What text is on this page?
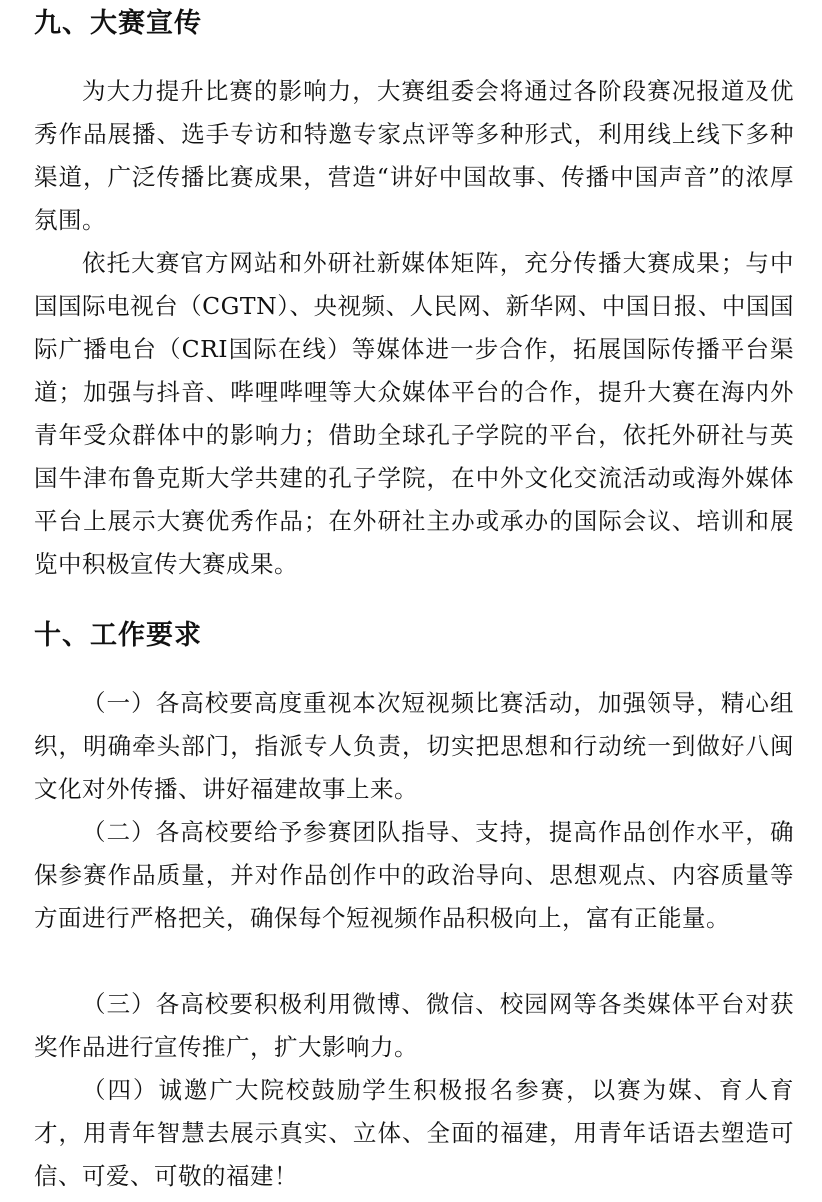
九、大赛宣传

为大力提升比赛的影响力，大赛组委会将通过各阶段赛况报道及优秀作品展播、选手专访和特邀专家点评等多种形式，利用线上线下多种渠道，广泛传播比赛成果，营造“讲好中国故事、传播中国声音”的浓厚氛围。

依托大赛官方网站和外研社新媒体矩阵，充分传播大赛成果；与中国国际电视台（CGTN）、央视频、人民网、新华网、中国日报、中国国际广播电台（CRI国际在线）等媒体进一步合作，拓展国际传播平台渠道；加强与抖音、哔哩哔哩等大众媒体平台的合作，提升大赛在海内外青年受众群体中的影响力；借助全球孔子学院的平台，依托外研社与英国牛津布鲁克斯大学共建的孔子学院，在中外文化交流活动或海外媒体平台上展示大赛优秀作品；在外研社主办或承办的国际会议、培训和展览中积极宣传大赛成果。

十、工作要求

（一）各高校要高度重视本次短视频比赛活动，加强领导，精心组织，明确牵头部门，指派专人负责，切实把思想和行动统一到做好八闽文化对外传播、讲好福建故事上来。

（二）各高校要给予参赛团队指导、支持，提高作品创作水平，确保参赛作品质量，并对作品创作中的政治导向、思想观点、内容质量等方面进行严格把关，确保每个短视频作品积极向上，富有正能量。

（三）各高校要积极利用微博、微信、校园网等各类媒体平台对获奖作品进行宣传推广，扩大影响力。

（四）诚邀广大院校鼓励学生积极报名参赛，以赛为媒、育人育才，用青年智慧去展示真实、立体、全面的福建，用青年话语去塑造可信、可爱、可敬的福建！
